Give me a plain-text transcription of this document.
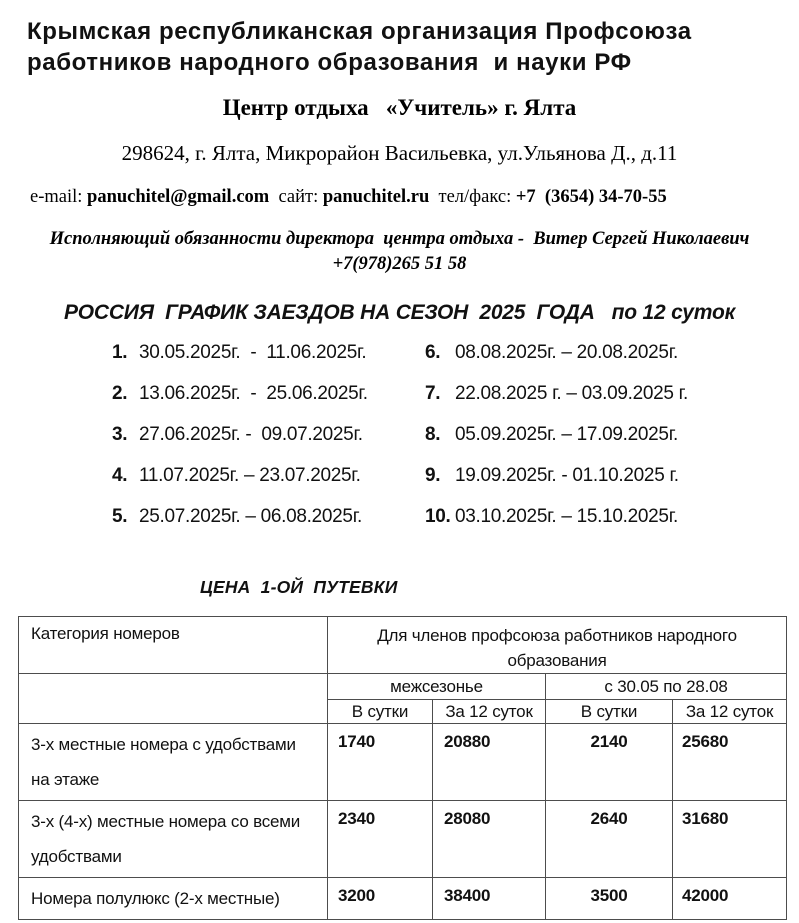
Крымская республиканская организация Профсоюза
работников народного образования  и науки РФ
Центр отдыха   «Учитель» г. Ялта
298624, г. Ялта, Микрорайон Васильевка, ул.Ульянова Д., д.11
e-mail: panuchitel@gmail.com  сайт: panuchitel.ru  тел/факс: +7  (3654) 34-70-55
Исполняющий обязанности директора  центра отдыха -  Витер Сергей Николаевич
+7(978)265 51 58
РОССИЯ  ГРАФИК ЗАЕЗДОВ НА СЕЗОН  2025  ГОДА   по 12 суток
1. 30.05.2025г.  -  11.06.2025г.	6. 08.08.2025г. – 20.08.2025г.
2. 13.06.2025г.  -  25.06.2025г.	7. 22.08.2025 г. – 03.09.2025 г.
3. 27.06.2025г. -  09.07.2025г.	8. 05.09.2025г. – 17.09.2025г.
4. 11.07.2025г. – 23.07.2025г.	9. 19.09.2025г. - 01.10.2025 г.
5. 25.07.2025г. – 06.08.2025г.	10. 03.10.2025г. – 15.10.2025г.
ЦЕНА  1-ОЙ  ПУТЕВКИ
Категория номеров	Для членов профсоюза работников народного образования			
	межсезонье		с 30.05 по 28.08	
	В сутки	За 12 суток	В сутки	За 12 суток
3-х местные номера с удобствами на этаже	1740	20880	2140	25680
3-х (4-х) местные номера со всеми удобствами	2340	28080	2640	31680
Номера полулюкс (2-х местные)	3200	38400	3500	42000
